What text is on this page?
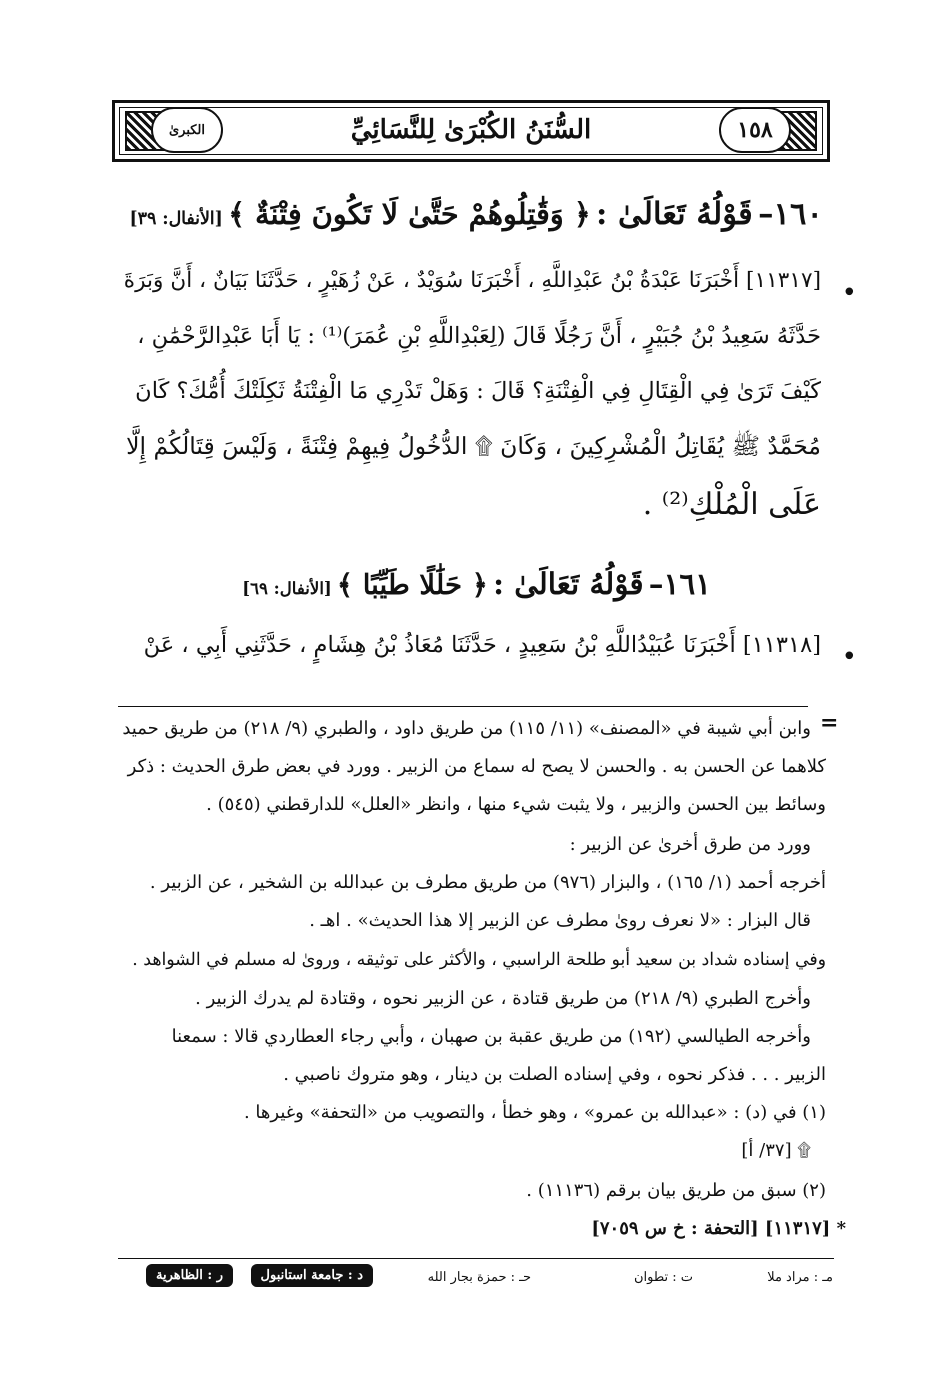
الكبرىٰ	١٥٨
السُّنَنُ الكُبْرَىٰ لِلنَّسَائِيِّ
١٦٠– قَوْلُهُ تَعَالَىٰ : ﴿ وَقَٰتِلُوهُمْ حَتَّىٰ لَا تَكُونَ فِتْنَةٌ ﴾ [الأنفال: ٣٩]
•
[١١٣١٧] أَخْبَرَنَا عَبْدَةُ بْنُ عَبْدِاللَّهِ ، أَخْبَرَنَا سُوَيْدٌ ، عَنْ زُهَيْرٍ ، حَدَّثَنَا بَيَانٌ ، أَنَّ وَبَرَةَ
حَدَّثَهُ سَعِيدُ بْنُ جُبَيْرٍ ، أَنَّ رَجُلًا قَالَ (لِعَبْدِاللَّهِ بْنِ عُمَرَ)⁽¹⁾ : يَا أَبَا عَبْدِالرَّحْمَٰنِ ،
كَيْفَ تَرَىٰ فِي الْقِتَالِ فِي الْفِتْنَةِ؟ قَالَ : وَهَلْ تَدْرِي مَا الْفِتْنَةُ ثَكِلَتْكَ أُمُّكَ؟ كَانَ
مُحَمَّدٌ ﷺ يُقَاتِلُ الْمُشْرِكِينَ ، وَكَانَ ۩ الدُّخُولُ فِيهِمْ فِتْنَةً ، وَلَيْسَ قِتَالُكُمْ إِلَّا
عَلَى الْمُلْكِ⁽²⁾ .
١٦١– قَوْلُهُ تَعَالَىٰ : ﴿ حَلَٰلًا طَيِّبًا ﴾ [الأنفال: ٦٩]
•
[١١٣١٨] أَخْبَرَنَا عُبَيْدُاللَّهِ بْنُ سَعِيدٍ ، حَدَّثَنَا مُعَاذُ بْنُ هِشَامٍ ، حَدَّثَنِي أَبِي ، عَنْ
=
وابن أبي شيبة في «المصنف» (١١/ ١١٥) من طريق داود ، والطبري (٩/ ٢١٨) من طريق حميد
كلاهما عن الحسن به . والحسن لا يصح له سماع من الزبير . وورد في بعض طرق الحديث : ذكر
وسائط بين الحسن والزبير ، ولا يثبت شيء منها ، وانظر «العلل» للدارقطني (٥٤٥) .
وورد من طرق أخرىٰ عن الزبير :
أخرجه أحمد (١/ ١٦٥) ، والبزار (٩٧٦) من طريق مطرف بن عبدالله بن الشخير ، عن الزبير .
قال البزار : «لا نعرف روىٰ مطرف عن الزبير إلا هذا الحديث» . اهـ .
وفي إسناده شداد بن سعيد أبو طلحة الراسبي ، والأكثر على توثيقه ، وروىٰ له مسلم في الشواهد .
وأخرج الطبري (٩/ ٢١٨) من طريق قتادة ، عن الزبير نحوه ، وقتادة لم يدرك الزبير .
وأخرجه الطيالسي (١٩٢) من طريق عقبة بن صهبان ، وأبي رجاء العطاردي قالا : سمعنا
الزبير . . . فذكر نحوه ، وفي إسناده الصلت بن دينار ، وهو متروك ناصبي .
(١) في (د) : «عبدالله بن عمرو» ، وهو خطأ ، والتصويب من «التحفة» وغيرها .
۩ [٣٧/ أ]
(٢) سبق من طريق بيان برقم (١١١٣٦) .
* [١١٣١٧] [التحفة : خ س ٧٠٥٩]
مـ : مراد ملا
ت : تطوان
حـ : حمزة بجار الله
د : جامعة استانبول
ر : الظاهرية
